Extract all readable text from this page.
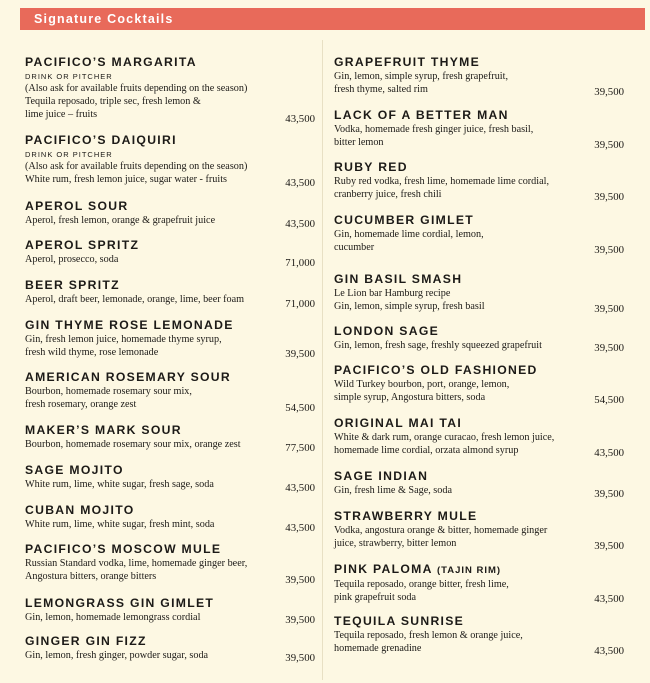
Signature Cocktails
PACIFICO’S MARGARITA
DRINK OR PITCHER
(Also ask for available fruits depending on the season)
Tequila reposado, triple sec, fresh lemon &
lime juice – fruits	43,500
PACIFICO’S DAIQUIRI
DRINK OR PITCHER
(Also ask for available fruits depending on the season)
White rum, fresh lemon juice, sugar water - fruits	43,500
APEROL SOUR
Aperol, fresh lemon, orange & grapefruit juice	43,500
APEROL SPRITZ
Aperol, prosecco, soda	71,000
BEER SPRITZ
Aperol, draft beer, lemonade, orange, lime, beer foam	71,000
GIN THYME ROSE LEMONADE
Gin, fresh lemon juice, homemade thyme syrup,
fresh wild thyme, rose lemonade	39,500
AMERICAN ROSEMARY SOUR
Bourbon, homemade rosemary sour mix,
fresh rosemary, orange zest	54,500
MAKER’S MARK SOUR
Bourbon, homemade rosemary sour mix, orange zest	77,500
SAGE MOJITO
White rum, lime, white sugar, fresh sage, soda	43,500
CUBAN MOJITO
White rum, lime, white sugar, fresh mint, soda	43,500
PACIFICO’S MOSCOW MULE
Russian Standard vodka, lime, homemade ginger beer,
Angostura bitters, orange bitters	39,500
LEMONGRASS GIN GIMLET
Gin, lemon, homemade lemongrass cordial	39,500
GINGER GIN FIZZ
Gin, lemon, fresh ginger, powder sugar, soda	39,500
GRAPEFRUIT THYME
Gin, lemon, simple syrup, fresh grapefruit,
fresh thyme, salted rim	39,500
LACK OF A BETTER MAN
Vodka, homemade fresh ginger juice, fresh basil,
bitter lemon	39,500
RUBY RED
Ruby red vodka, fresh lime, homemade lime cordial,
cranberry juice, fresh chili	39,500
CUCUMBER GIMLET
Gin, homemade lime cordial, lemon,
cucumber	39,500
GIN BASIL SMASH
Le Lion bar Hamburg recipe
Gin, lemon, simple syrup, fresh basil	39,500
LONDON SAGE
Gin, lemon, fresh sage, freshly squeezed grapefruit	39,500
PACIFICO’S OLD FASHIONED
Wild Turkey bourbon, port, orange, lemon,
simple syrup, Angostura bitters, soda	54,500
ORIGINAL MAI TAI
White & dark rum, orange curacao, fresh lemon juice,
homemade lime cordial, orzata almond syrup	43,500
SAGE INDIAN
Gin, fresh lime & Sage, soda	39,500
STRAWBERRY MULE
Vodka, angostura orange & bitter, homemade ginger
juice, strawberry, bitter lemon	39,500
PINK PALOMA (TAJIN RIM)
Tequila reposado, orange bitter, fresh lime,
pink grapefruit soda	43,500
TEQUILA SUNRISE
Tequila reposado, fresh lemon & orange juice,
homemade grenadine	43,500
